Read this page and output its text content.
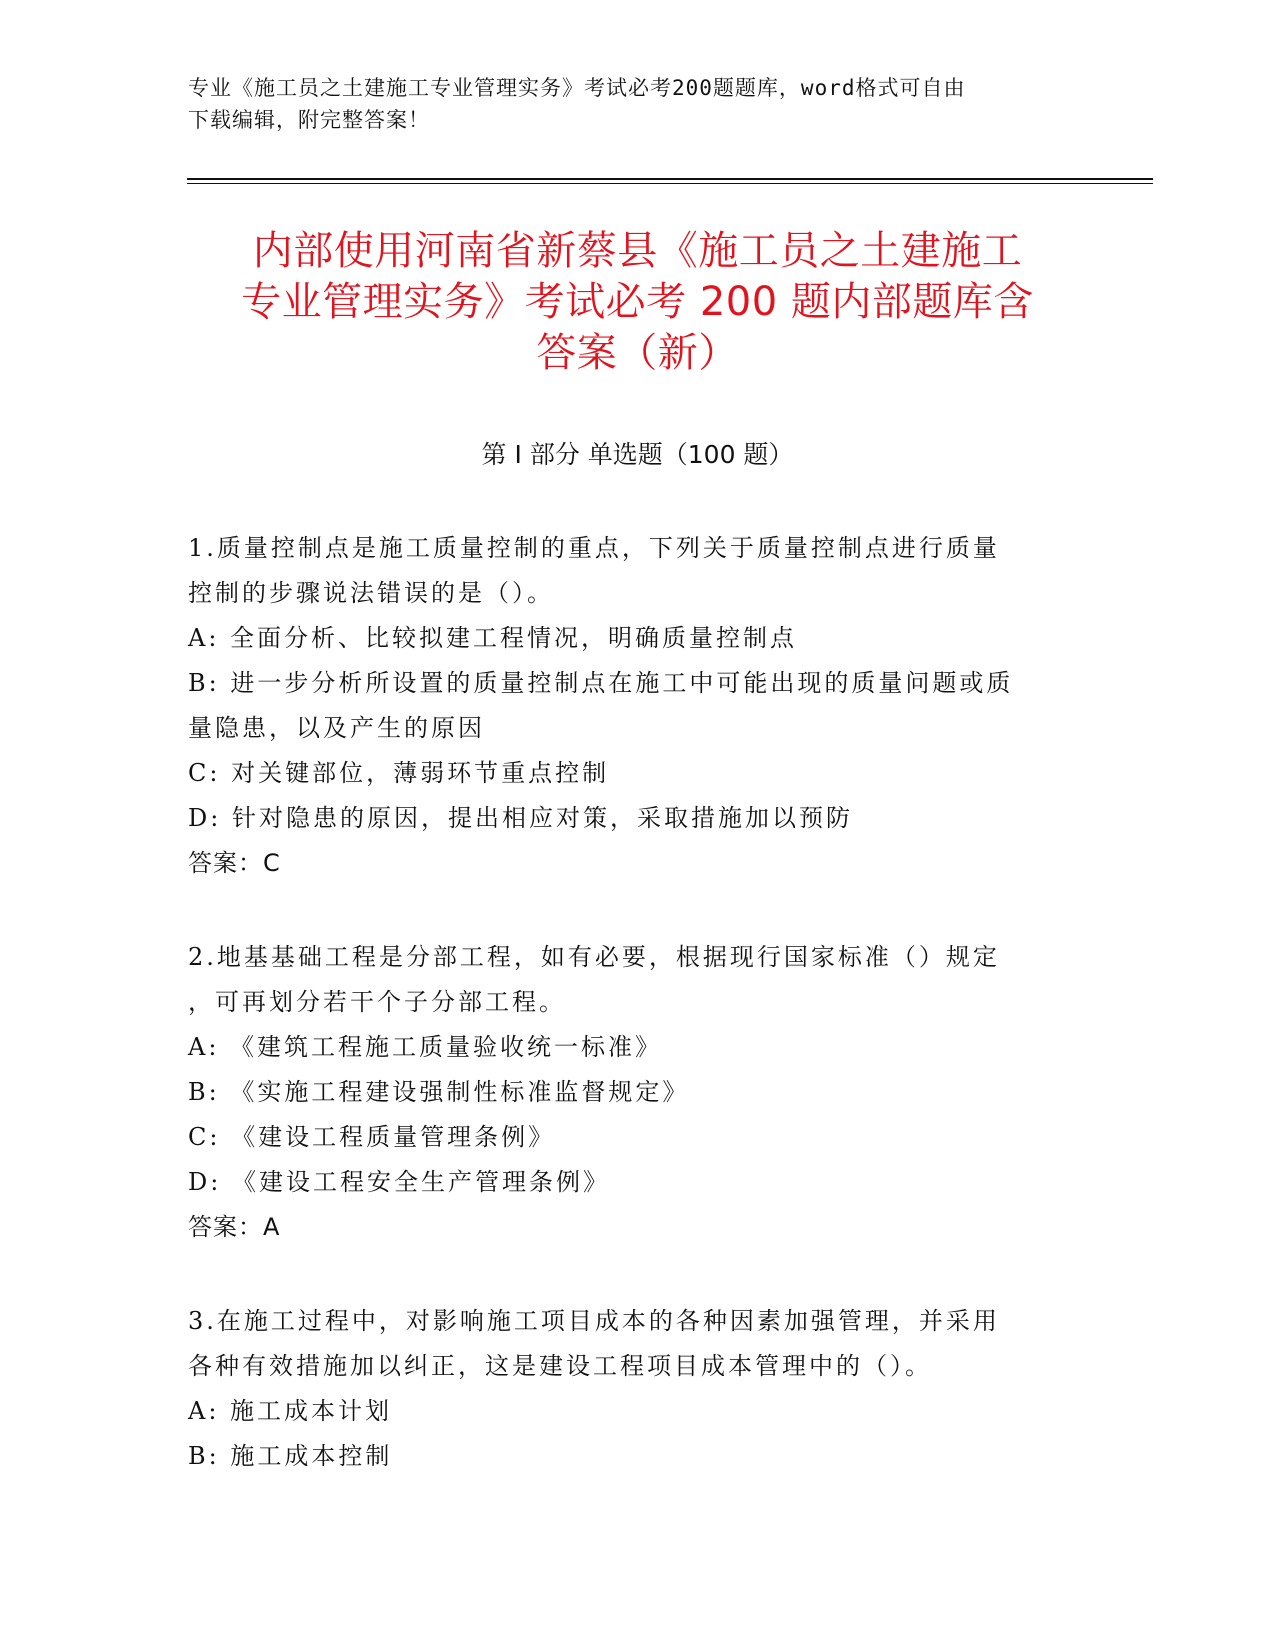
专业《施工员之土建施工专业管理实务》考试必考200题题库，word格式可自由
下载编辑，附完整答案！
内部使用河南省新蔡县《施工员之土建施工
专业管理实务》考试必考 200 题内部题库含
答案（新）
第 I 部分 单选题（100 题）
1.质量控制点是施工质量控制的重点，下列关于质量控制点进行质量
控制的步骤说法错误的是（）。
A: 全面分析、比较拟建工程情况，明确质量控制点
B: 进一步分析所设置的质量控制点在施工中可能出现的质量问题或质
量隐患，以及产生的原因
C: 对关键部位，薄弱环节重点控制
D: 针对隐患的原因，提出相应对策，采取措施加以预防
答案：C
2.地基基础工程是分部工程，如有必要，根据现行国家标准（）规定
，可再划分若干个子分部工程。
A: 《建筑工程施工质量验收统一标准》
B: 《实施工程建设强制性标准监督规定》
C: 《建设工程质量管理条例》
D: 《建设工程安全生产管理条例》
答案：A
3.在施工过程中，对影响施工项目成本的各种因素加强管理，并采用
各种有效措施加以纠正，这是建设工程项目成本管理中的（）。
A: 施工成本计划
B: 施工成本控制
